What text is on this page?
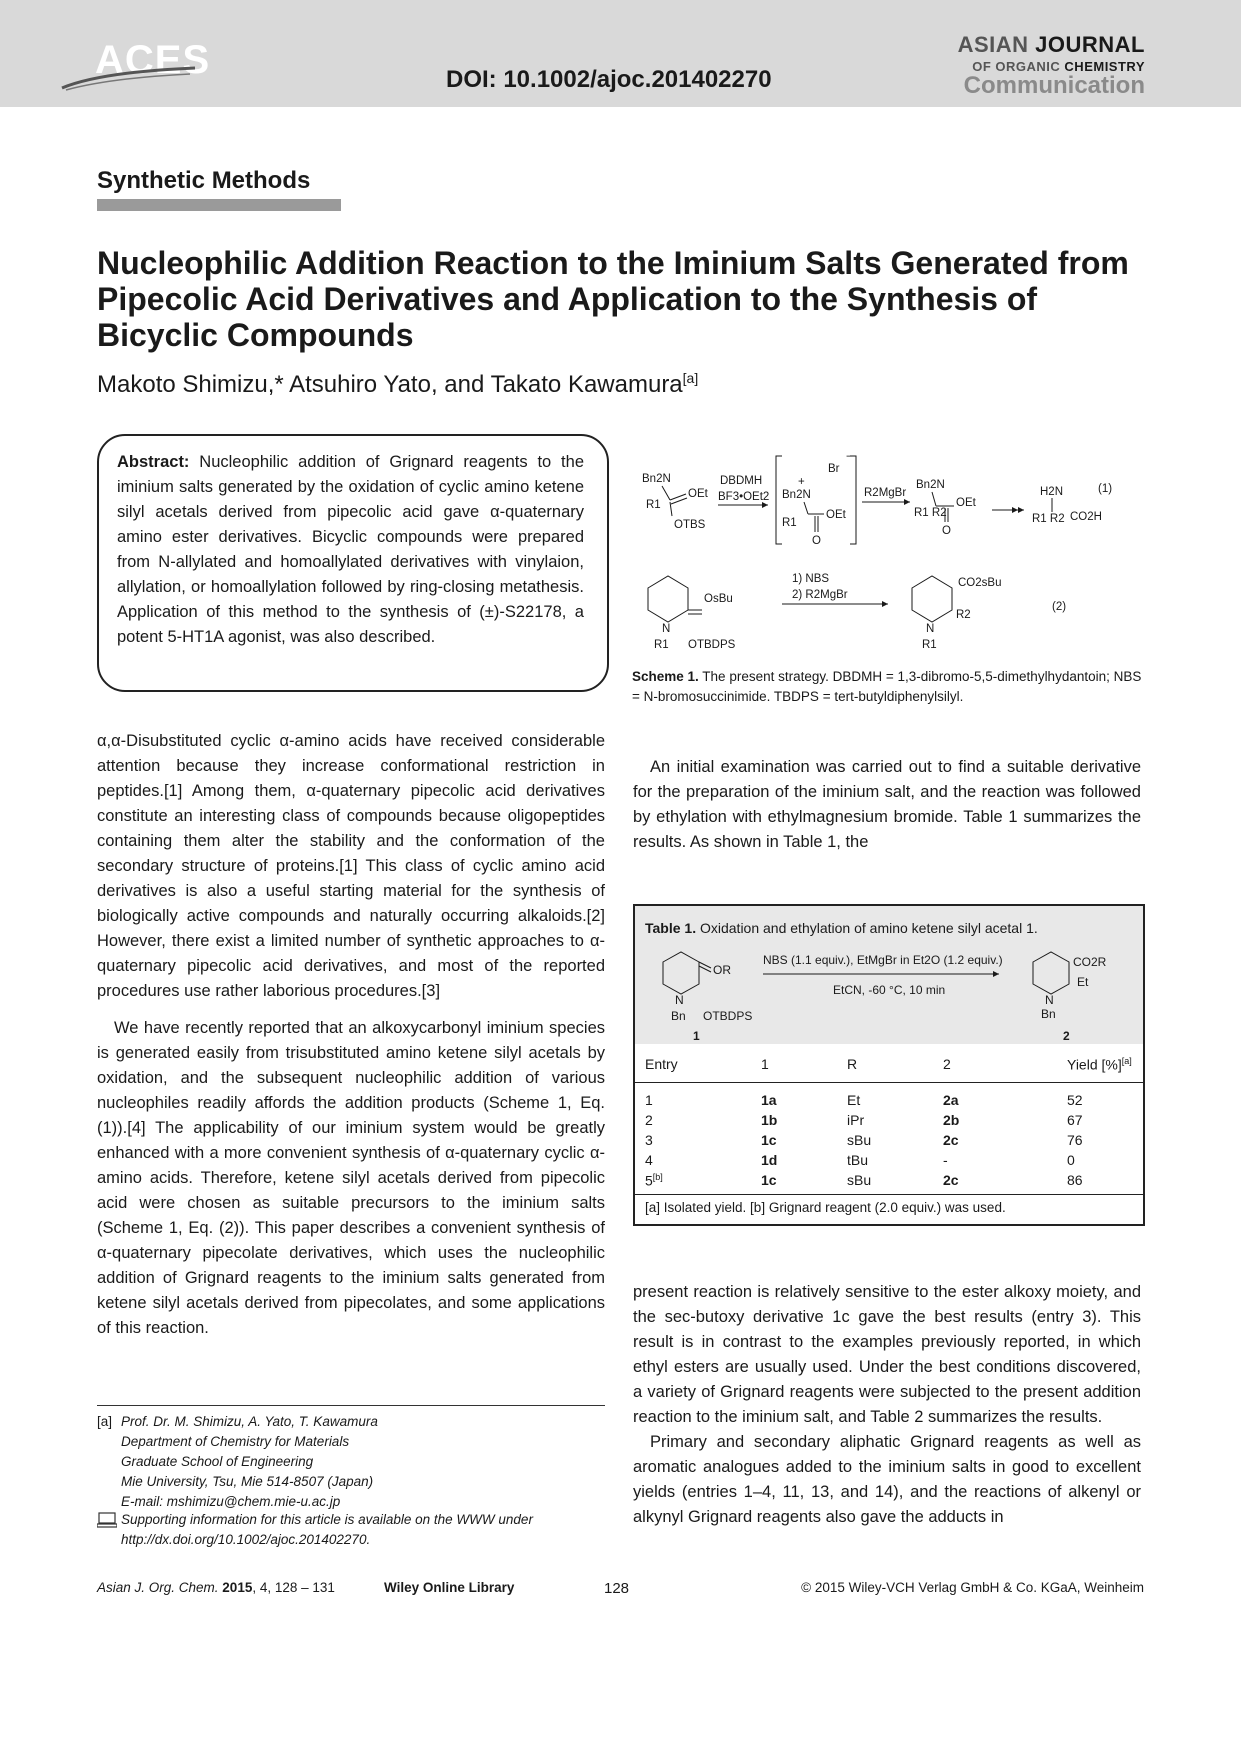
ACES	DOI: 10.1002/ajoc.201402270
ASIAN JOURNAL
OF ORGANIC CHEMISTRY
Communication
Synthetic Methods
Nucleophilic Addition Reaction to the Iminium Salts Generated from Pipecolic Acid Derivatives and Application to the Synthesis of Bicyclic Compounds
Makoto Shimizu,* Atsuhiro Yato, and Takato Kawamura[a]
Abstract: Nucleophilic addition of Grignard reagents to the iminium salts generated by the oxidation of cyclic amino ketene silyl acetals derived from pipecolic acid gave α-quaternary amino ester derivatives. Bicyclic compounds were prepared from N-allylated and homoallylated derivatives with vinylaion, allylation, or homoallylation followed by ring-closing metathesis. Application of this method to the synthesis of (±)-S22178, a potent 5-HT1A agonist, was also described.
Bn2N
OEt
R1
OTBS
DBDMH
BF3•OEt2
Br
−
+
Bn2N
OEt
R1
O
R2MgBr
Bn2N
OEt
R1 R2
O
H2N
CO2H
R1 R2
(1)
OsBu
N
R1 OTBDPS
1) NBS
2) R2MgBr
CO2sBu
N
R2
R1
(2)
Scheme 1. The present strategy. DBDMH = 1,3-dibromo-5,5-dimethylhydantoin; NBS = N-bromosuccinimide. TBDPS = tert-butyldiphenylsilyl.

α,α-Disubstituted cyclic α-amino acids have received considerable attention because they increase conformational restriction in peptides.[1] Among them, α-quaternary pipecolic acid derivatives constitute an interesting class of compounds because oligopeptides containing them alter the stability and the conformation of the secondary structure of proteins.[1] This class of cyclic amino acid derivatives is also a useful starting material for the synthesis of biologically active compounds and naturally occurring alkaloids.[2] However, there exist a limited number of synthetic approaches to α-quaternary pipecolic acid derivatives, and most of the reported procedures use rather laborious procedures.[3]

We have recently reported that an alkoxycarbonyl iminium species is generated easily from trisubstituted amino ketene silyl acetals by oxidation, and the subsequent nucleophilic addition of various nucleophiles readily affords the addition products (Scheme 1, Eq. (1)).[4] The applicability of our iminium system would be greatly enhanced with a more convenient synthesis of α-quaternary cyclic α-amino acids. Therefore, ketene silyl acetals derived from pipecolic acid were chosen as suitable precursors to the iminium salts (Scheme 1, Eq. (2)). This paper describes a convenient synthesis of α-quaternary pipecolate derivatives, which uses the nucleophilic addition of Grignard reagents to the iminium salts generated from ketene silyl acetals derived from pipecolates, and some applications of this reaction.

An initial examination was carried out to find a suitable derivative for the preparation of the iminium salt, and the reaction was followed by ethylation with ethylmagnesium bromide. Table 1 summarizes the results. As shown in Table 1, the

Table 1. Oxidation and ethylation of amino ketene silyl acetal 1.
OR
N
Bn OTBDPS
1
NBS (1.1 equiv.), EtMgBr in Et2O (1.2 equiv.)
EtCN, -60 °C, 10 min
CO2R
Et
N
Bn
2
Entry	1	R	2	Yield [%][a]
1	1a	Et	2a	52
2	1b	iPr	2b	67
3	1c	sBu	2c	76
4	1d	tBu	-	0
5[b]	1c	sBu	2c	86
[a] Isolated yield. [b] Grignard reagent (2.0 equiv.) was used.

present reaction is relatively sensitive to the ester alkoxy moiety, and the sec-butoxy derivative 1c gave the best results (entry 3). This result is in contrast to the examples previously reported, in which ethyl esters are usually used. Under the best conditions discovered, a variety of Grignard reagents were subjected to the present addition reaction to the iminium salt, and Table 2 summarizes the results.

Primary and secondary aliphatic Grignard reagents as well as aromatic analogues added to the iminium salts in good to excellent yields (entries 1–4, 11, 13, and 14), and the reactions of alkenyl or alkynyl Grignard reagents also gave the adducts in

[a] Prof. Dr. M. Shimizu, A. Yato, T. Kawamura
Department of Chemistry for Materials
Graduate School of Engineering
Mie University, Tsu, Mie 514-8507 (Japan)
E-mail: mshimizu@chem.mie-u.ac.jp
Supporting information for this article is available on the WWW under
http://dx.doi.org/10.1002/ajoc.201402270.
Asian J. Org. Chem. 2015, 4, 128 – 131	Wiley Online Library	128	© 2015 Wiley-VCH Verlag GmbH & Co. KGaA, Weinheim
